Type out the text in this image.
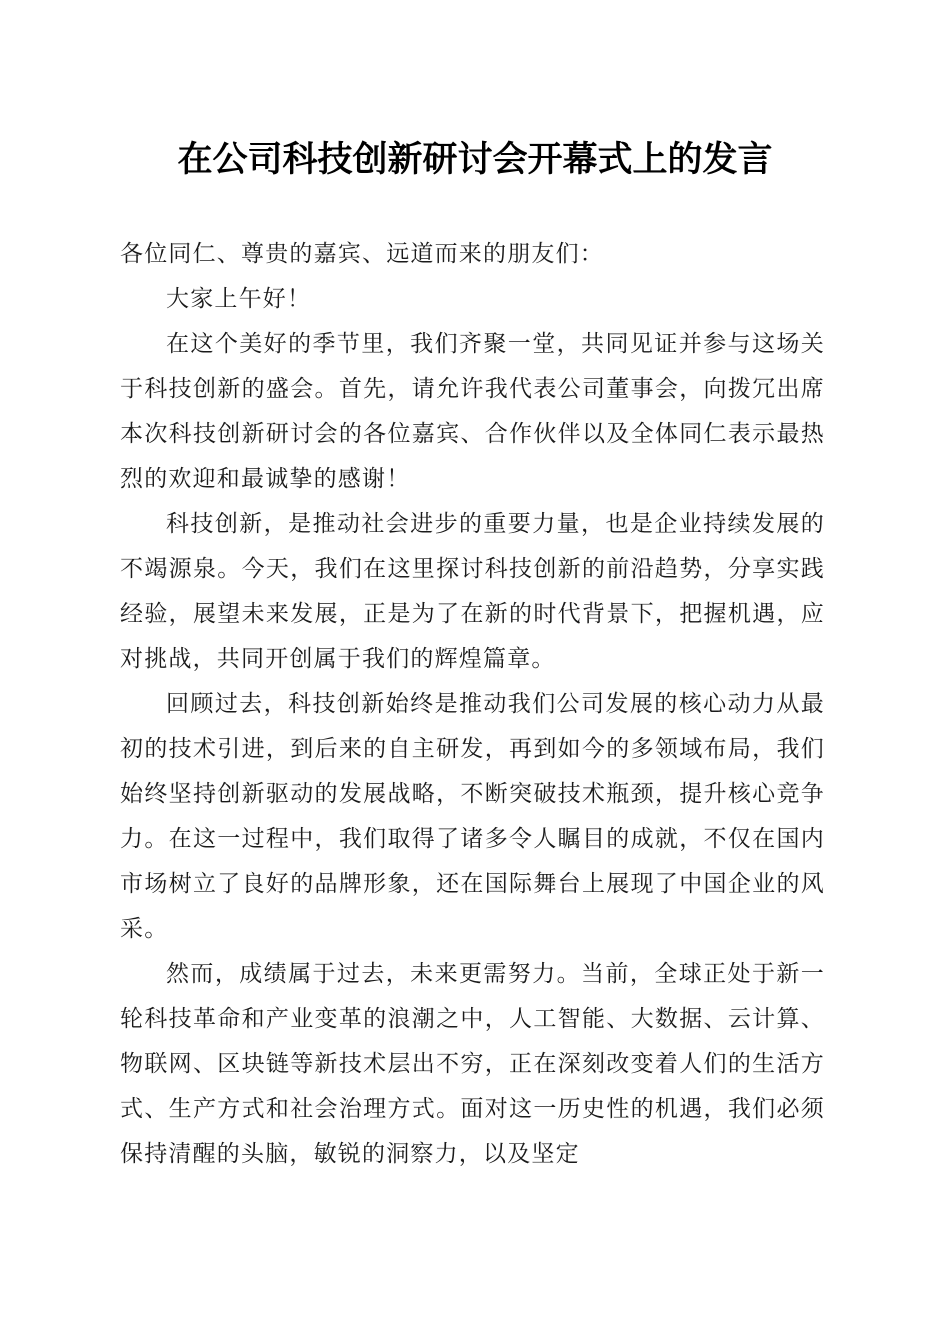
在公司科技创新研讨会开幕式上的发言

各位同仁、尊贵的嘉宾、远道而来的朋友们：

大家上午好！

在这个美好的季节里，我们齐聚一堂，共同见证并参与这场关于科技创新的盛会。首先，请允许我代表公司董事会，向拨冗出席本次科技创新研讨会的各位嘉宾、合作伙伴以及全体同仁表示最热烈的欢迎和最诚挚的感谢！

科技创新，是推动社会进步的重要力量，也是企业持续发展的不竭源泉。今天，我们在这里探讨科技创新的前沿趋势，分享实践经验，展望未来发展，正是为了在新的时代背景下，把握机遇，应对挑战，共同开创属于我们的辉煌篇章。

回顾过去，科技创新始终是推动我们公司发展的核心动力从最初的技术引进，到后来的自主研发，再到如今的多领域布局，我们始终坚持创新驱动的发展战略，不断突破技术瓶颈，提升核心竞争力。在这一过程中，我们取得了诸多令人瞩目的成就，不仅在国内市场树立了良好的品牌形象，还在国际舞台上展现了中国企业的风采。

然而，成绩属于过去，未来更需努力。当前，全球正处于新一轮科技革命和产业变革的浪潮之中，人工智能、大数据、云计算、物联网、区块链等新技术层出不穷，正在深刻改变着人们的生活方式、生产方式和社会治理方式。面对这一历史性的机遇，我们必须保持清醒的头脑，敏锐的洞察力，以及坚定
